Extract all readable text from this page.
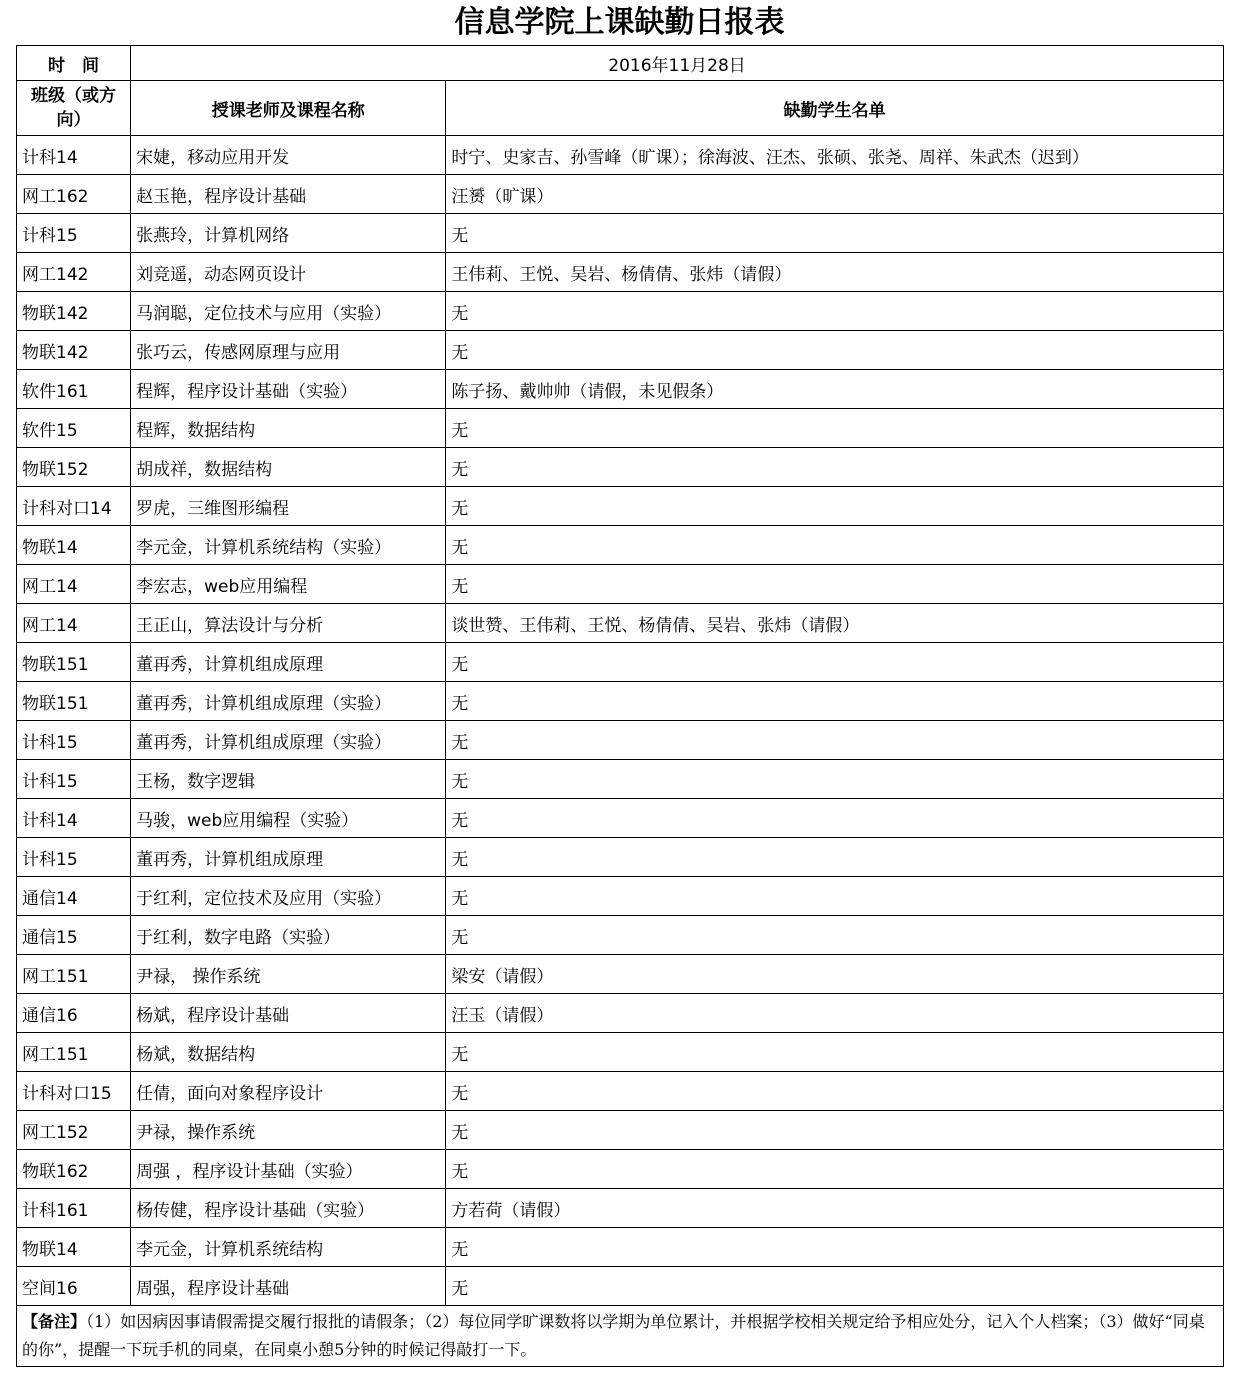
信息学院上课缺勤日报表
时　间	2016年11月28日	
班级（或方向）	授课老师及课程名称	缺勤学生名单
计科14	宋婕，移动应用开发	时宁、史家吉、孙雪峰（旷课）；徐海波、汪杰、张硕、张尧、周祥、朱武杰（迟到）
网工162	赵玉艳，程序设计基础	汪赟（旷课）
计科15	张燕玲，计算机网络	无
网工142	刘竞遥，动态网页设计	王伟莉、王悦、吴岩、杨倩倩、张炜（请假）
物联142	马润聪，定位技术与应用（实验）	无
物联142	张巧云，传感网原理与应用	无
软件161	程辉，程序设计基础（实验）	陈子扬、戴帅帅（请假，未见假条）
软件15	程辉，数据结构	无
物联152	胡成祥，数据结构	无
计科对口14	罗虎，三维图形编程	无
物联14	李元金，计算机系统结构（实验）	无
网工14	李宏志，web应用编程	无
网工14	王正山，算法设计与分析	谈世赞、王伟莉、王悦、杨倩倩、吴岩、张炜（请假）
物联151	董再秀，计算机组成原理	无
物联151	董再秀，计算机组成原理（实验）	无
计科15	董再秀，计算机组成原理（实验）	无
计科15	王杨，数字逻辑	无
计科14	马骏，web应用编程（实验）	无
计科15	董再秀，计算机组成原理	无
通信14	于红利，定位技术及应用（实验）	无
通信15	于红利，数字电路（实验）	无
网工151	尹禄， 操作系统	梁安（请假）
通信16	杨斌，程序设计基础	汪玉（请假）
网工151	杨斌，数据结构	无
计科对口15	任倩，面向对象程序设计	无
网工152	尹禄，操作系统	无
物联162	周强 ，程序设计基础（实验）	无
计科161	杨传健，程序设计基础（实验）	方若荷（请假）
物联14	李元金，计算机系统结构	无
空间16	周强，程序设计基础	无
【备注】（1）如因病因事请假需提交履行报批的请假条；（2）每位同学旷课数将以学期为单位累计，并根据学校相关规定给予相应处分，记入个人档案；（3）做好“同桌的你”，提醒一下玩手机的同桌，在同桌小憩5分钟的时候记得敲打一下。		
